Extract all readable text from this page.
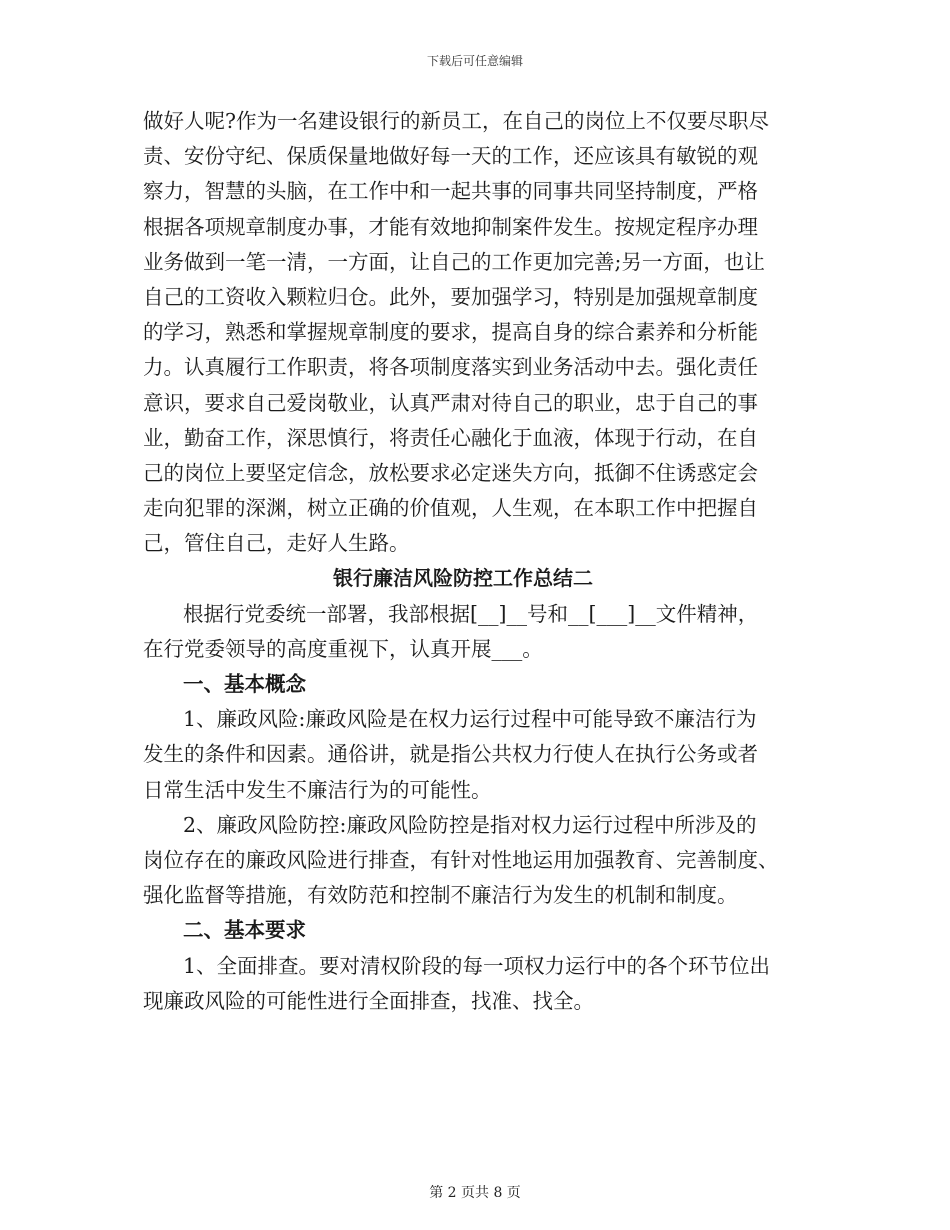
下载后可任意编辑
做好人呢?作为一名建设银行的新员工，在自己的岗位上不仅要尽职尽
责、安份守纪、保质保量地做好每一天的工作，还应该具有敏锐的观
察力，智慧的头脑，在工作中和一起共事的同事共同坚持制度，严格
根据各项规章制度办事，才能有效地抑制案件发生。按规定程序办理
业务做到一笔一清，一方面，让自己的工作更加完善;另一方面，也让
自己的工资收入颗粒归仓。此外，要加强学习，特别是加强规章制度
的学习，熟悉和掌握规章制度的要求，提高自身的综合素养和分析能
力。认真履行工作职责，将各项制度落实到业务活动中去。强化责任
意识，要求自己爱岗敬业，认真严肃对待自己的职业，忠于自己的事
业，勤奋工作，深思慎行，将责任心融化于血液，体现于行动，在自
己的岗位上要坚定信念，放松要求必定迷失方向，抵御不住诱惑定会
走向犯罪的深渊，树立正确的价值观，人生观，在本职工作中把握自
己，管住自己，走好人生路。
银行廉洁风险防控工作总结二
根据行党委统一部署，我部根据[__]__号和__[___]__文件精神，
在行党委领导的高度重视下，认真开展___。
一、基本概念
1、廉政风险:廉政风险是在权力运行过程中可能导致不廉洁行为
发生的条件和因素。通俗讲，就是指公共权力行使人在执行公务或者
日常生活中发生不廉洁行为的可能性。
2、廉政风险防控:廉政风险防控是指对权力运行过程中所涉及的
岗位存在的廉政风险进行排查，有针对性地运用加强教育、完善制度、
强化监督等措施，有效防范和控制不廉洁行为发生的机制和制度。
二、基本要求
1、全面排查。要对清权阶段的每一项权力运行中的各个环节位出
现廉政风险的可能性进行全面排查，找准、找全。
第 2 页共 8 页
